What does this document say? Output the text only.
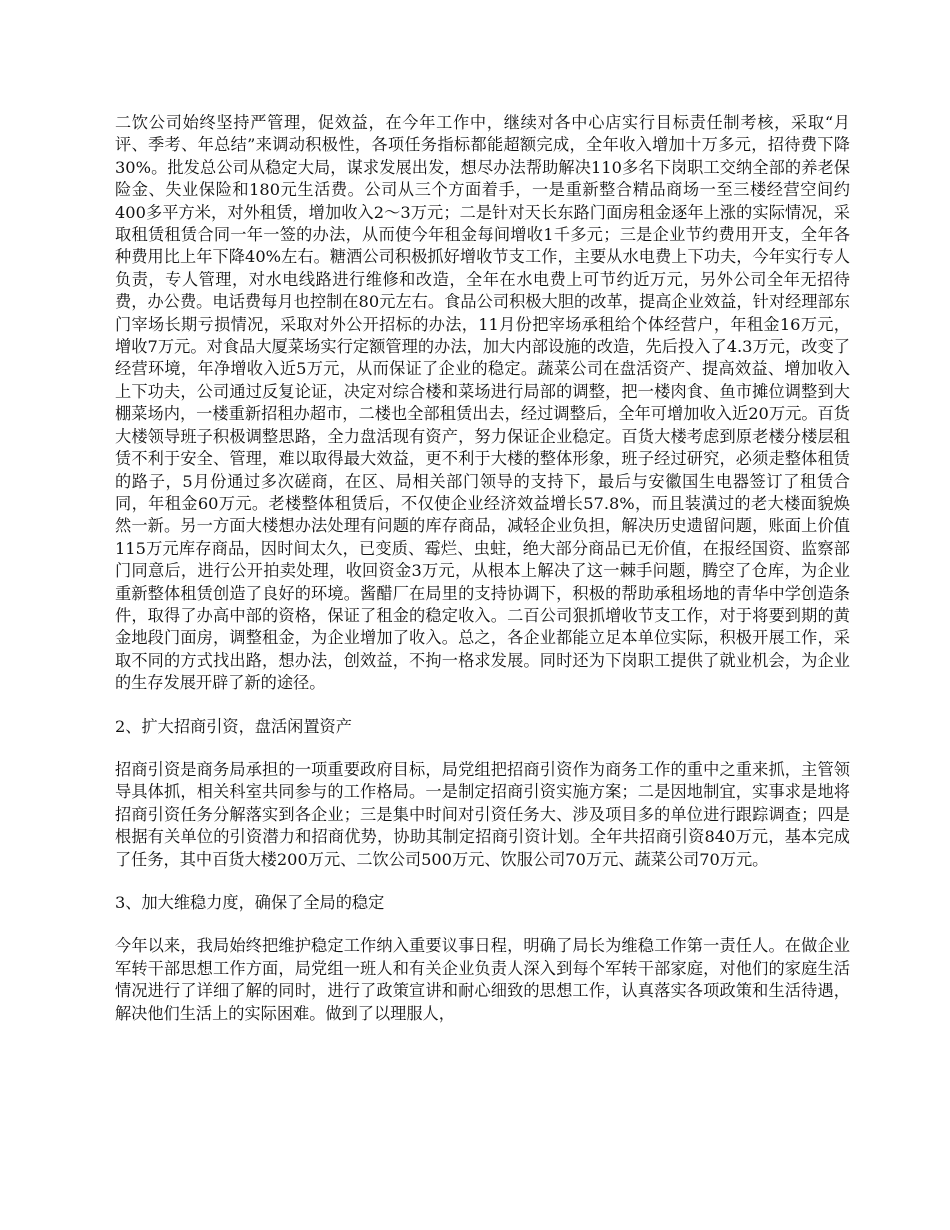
二饮公司始终坚持严管理，促效益，在今年工作中，继续对各中心店实行目标责任制考核，采取“月评、季考、年总结”来调动积极性，各项任务指标都能超额完成，全年收入增加十万多元，招待费下降30%。批发总公司从稳定大局，谋求发展出发，想尽办法帮助解决110多名下岗职工交纳全部的养老保险金、失业保险和180元生活费。公司从三个方面着手，一是重新整合精品商场一至三楼经营空间约400多平方米，对外租赁，增加收入2～3万元；二是针对天长东路门面房租金逐年上涨的实际情况，采取租赁租赁合同一年一签的办法，从而使今年租金每间增收1千多元；三是企业节约费用开支，全年各种费用比上年下降40%左右。糖酒公司积极抓好增收节支工作，主要从水电费上下功夫，今年实行专人负责，专人管理，对水电线路进行维修和改造，全年在水电费上可节约近万元，另外公司全年无招待费，办公费。电话费每月也控制在80元左右。食品公司积极大胆的改革，提高企业效益，针对经理部东门宰场长期亏损情况，采取对外公开招标的办法，11月份把宰场承租给个体经营户，年租金16万元，增收7万元。对食品大厦菜场实行定额管理的办法，加大内部设施的改造，先后投入了4.3万元，改变了经营环境，年净增收入近5万元，从而保证了企业的稳定。蔬菜公司在盘活资产、提高效益、增加收入上下功夫，公司通过反复论证，决定对综合楼和菜场进行局部的调整，把一楼肉食、鱼市摊位调整到大棚菜场内，一楼重新招租办超市，二楼也全部租赁出去，经过调整后，全年可增加收入近20万元。百货大楼领导班子积极调整思路，全力盘活现有资产，努力保证企业稳定。百货大楼考虑到原老楼分楼层租赁不利于安全、管理，难以取得最大效益，更不利于大楼的整体形象，班子经过研究，必须走整体租赁的路子，5月份通过多次磋商，在区、局相关部门领导的支持下，最后与安徽国生电器签订了租赁合同，年租金60万元。老楼整体租赁后，不仅使企业经济效益增长57.8%，而且装潢过的老大楼面貌焕然一新。另一方面大楼想办法处理有问题的库存商品，减轻企业负担，解决历史遗留问题，账面上价值115万元库存商品，因时间太久，已变质、霉烂、虫蛀，绝大部分商品已无价值，在报经国资、监察部门同意后，进行公开拍卖处理，收回资金3万元，从根本上解决了这一棘手问题，腾空了仓库，为企业重新整体租赁创造了良好的环境。酱醋厂在局里的支持协调下，积极的帮助承租场地的青华中学创造条件，取得了办高中部的资格，保证了租金的稳定收入。二百公司狠抓增收节支工作，对于将要到期的黄金地段门面房，调整租金，为企业增加了收入。总之，各企业都能立足本单位实际，积极开展工作，采取不同的方式找出路，想办法，创效益，不拘一格求发展。同时还为下岗职工提供了就业机会，为企业的生存发展开辟了新的途径。

2、扩大招商引资，盘活闲置资产

招商引资是商务局承担的一项重要政府目标，局党组把招商引资作为商务工作的重中之重来抓，主管领导具体抓，相关科室共同参与的工作格局。一是制定招商引资实施方案；二是因地制宜，实事求是地将招商引资任务分解落实到各企业；三是集中时间对引资任务大、涉及项目多的单位进行跟踪调查；四是根据有关单位的引资潜力和招商优势，协助其制定招商引资计划。全年共招商引资840万元，基本完成了任务，其中百货大楼200万元、二饮公司500万元、饮服公司70万元、蔬菜公司70万元。

3、加大维稳力度，确保了全局的稳定

今年以来，我局始终把维护稳定工作纳入重要议事日程，明确了局长为维稳工作第一责任人。在做企业军转干部思想工作方面，局党组一班人和有关企业负责人深入到每个军转干部家庭，对他们的家庭生活情况进行了详细了解的同时，进行了政策宣讲和耐心细致的思想工作，认真落实各项政策和生活待遇，解决他们生活上的实际困难。做到了以理服人，
